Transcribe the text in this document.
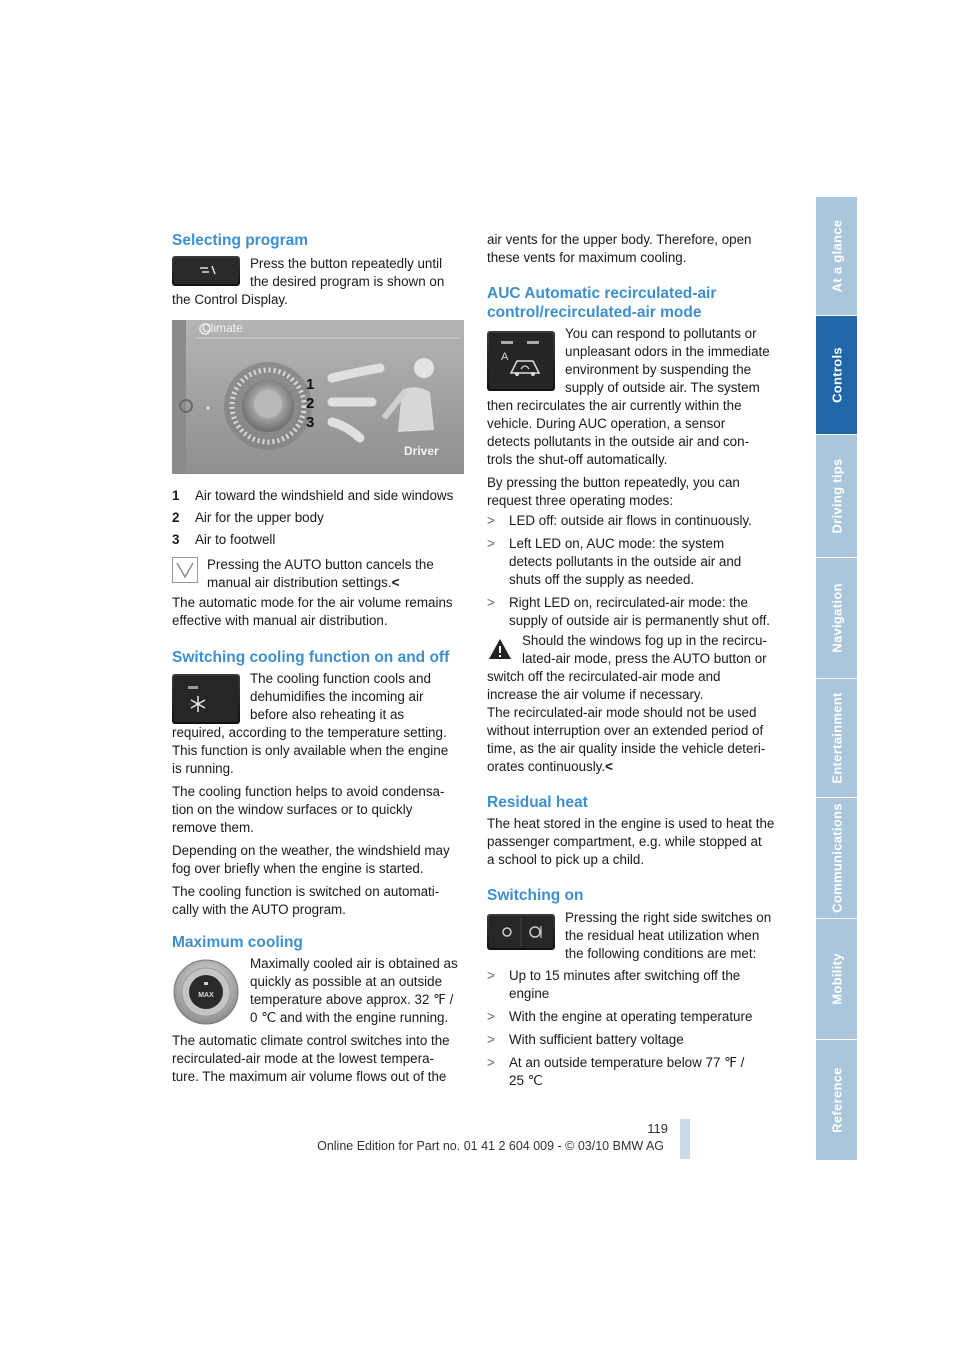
Selecting program
Press the button repeatedly until
the desired program is shown on
the Control Display.
Climate
1
2
3
Driver
1 Air toward the windshield and side windows
2 Air for the upper body
3 Air to footwell
Pressing the AUTO button cancels the
manual air distribution settings.<
The automatic mode for the air volume remains
effective with manual air distribution.
Switching cooling function on and off
The cooling function cools and
dehumidifies the incoming air
before also reheating it as
required, according to the temperature setting.
This function is only available when the engine
is running.
The cooling function helps to avoid condensa-
tion on the window surfaces or to quickly
remove them.
Depending on the weather, the windshield may
fog over briefly when the engine is started.
The cooling function is switched on automati-
cally with the AUTO program.
Maximum cooling
MAX
Maximally cooled air is obtained as
quickly as possible at an outside
temperature above approx. 32 ℉ /
0 ℃ and with the engine running.
The automatic climate control switches into the
recirculated-air mode at the lowest tempera-
ture. The maximum air volume flows out of the
air vents for the upper body. Therefore, open
these vents for maximum cooling.
AUC Automatic recirculated-air
control/recirculated-air mode
A
You can respond to pollutants or
unpleasant odors in the immediate
environment by suspending the
supply of outside air. The system
then recirculates the air currently within the
vehicle. During AUC operation, a sensor
detects pollutants in the outside air and con-
trols the shut-off automatically.
By pressing the button repeatedly, you can
request three operating modes:
> LED off: outside air flows in continuously.
> Left LED on, AUC mode: the system
detects pollutants in the outside air and
shuts off the supply as needed.
> Right LED on, recirculated-air mode: the
supply of outside air is permanently shut off.
Should the windows fog up in the recircu-
lated-air mode, press the AUTO button or
switch off the recirculated-air mode and
increase the air volume if necessary.
The recirculated-air mode should not be used
without interruption over an extended period of
time, as the air quality inside the vehicle deteri-
orates continuously.<
Residual heat
The heat stored in the engine is used to heat the
passenger compartment, e.g. while stopped at
a school to pick up a child.
Switching on
Pressing the right side switches on
the residual heat utilization when
the following conditions are met:
> Up to 15 minutes after switching off the
engine
> With the engine at operating temperature
> With sufficient battery voltage
> At an outside temperature below 77 ℉ /
25 ℃
119
Online Edition for Part no. 01 41 2 604 009 - © 03/10 BMW AG
At a glance
Controls
Driving tips
Navigation
Entertainment
Communications
Mobility
Reference
